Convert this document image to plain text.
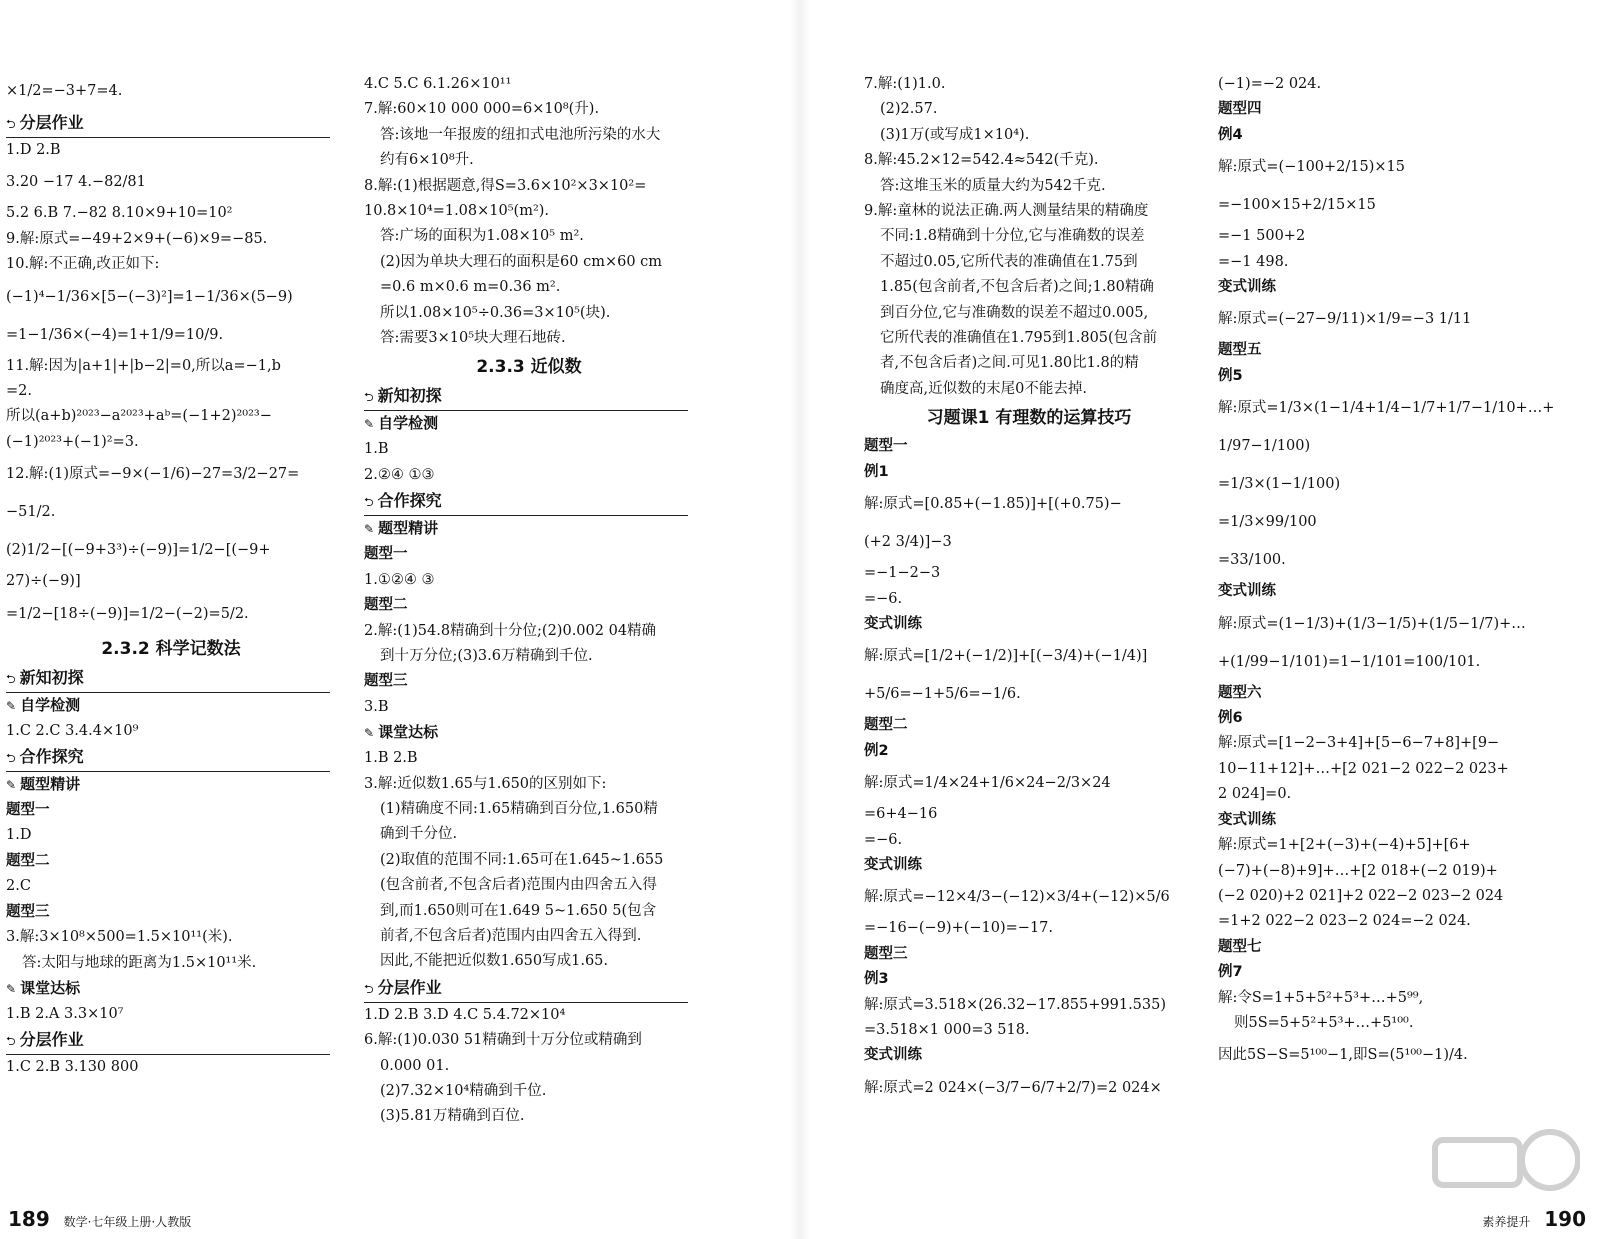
×1/2=−3+7=4.
⮌ 分层作业
1.D 2.B
3.20 −17 4.−82/81
5.2 6.B 7.−82 8.10×9+10=10²
9.解:原式=−49+2×9+(−6)×9=−85.
10.解:不正确,改正如下:
(−1)⁴−1/36×[5−(−3)²]=1−1/36×(5−9)
=1−1/36×(−4)=1+1/9=10/9.
11.解:因为|a+1|+|b−2|=0,所以a=−1,b
=2.
所以(a+b)²⁰²³−a²⁰²³+aᵇ=(−1+2)²⁰²³−
(−1)²⁰²³+(−1)²=3.
12.解:(1)原式=−9×(−1/6)−27=3/2−27=
−51/2.
(2)1/2−[(−9+3³)÷(−9)]=1/2−[(−9+
27)÷(−9)]
=1/2−[18÷(−9)]=1/2−(−2)=5/2.
2.3.2 科学记数法
⮌ 新知初探
✎ 自学检测
1.C 2.C 3.4.4×10⁹
⮌ 合作探究
✎ 题型精讲
题型一
1.D
题型二
2.C
题型三
3.解:3×10⁸×500=1.5×10¹¹(米).
答:太阳与地球的距离为1.5×10¹¹米.
✎ 课堂达标
1.B 2.A 3.3×10⁷
⮌ 分层作业
1.C 2.B 3.130 800
4.C 5.C 6.1.26×10¹¹
7.解:60×10 000 000=6×10⁸(升).
答:该地一年报废的纽扣式电池所污染的水大
约有6×10⁸升.
8.解:(1)根据题意,得S=3.6×10²×3×10²=
10.8×10⁴=1.08×10⁵(m²).
答:广场的面积为1.08×10⁵ m².
(2)因为单块大理石的面积是60 cm×60 cm
=0.6 m×0.6 m=0.36 m².
所以1.08×10⁵÷0.36=3×10⁵(块).
答:需要3×10⁵块大理石地砖.
2.3.3 近似数
⮌ 新知初探
✎ 自学检测
1.B
2.②④ ①③
⮌ 合作探究
✎ 题型精讲
题型一
1.①②④ ③
题型二
2.解:(1)54.8精确到十分位;(2)0.002 04精确
到十万分位;(3)3.6万精确到千位.
题型三
3.B
✎ 课堂达标
1.B 2.B
3.解:近似数1.65与1.650的区别如下:
(1)精确度不同:1.65精确到百分位,1.650精
确到千分位.
(2)取值的范围不同:1.65可在1.645~1.655
(包含前者,不包含后者)范围内由四舍五入得
到,而1.650则可在1.649 5~1.650 5(包含
前者,不包含后者)范围内由四舍五入得到.
因此,不能把近似数1.650写成1.65.
⮌ 分层作业
1.D 2.B 3.D 4.C 5.4.72×10⁴
6.解:(1)0.030 51精确到十万分位或精确到
0.000 01.
(2)7.32×10⁴精确到千位.
(3)5.81万精确到百位.
7.解:(1)1.0.
(2)2.57.
(3)1万(或写成1×10⁴).
8.解:45.2×12=542.4≈542(千克).
答:这堆玉米的质量大约为542千克.
9.解:童林的说法正确.两人测量结果的精确度
不同:1.8精确到十分位,它与准确数的误差
不超过0.05,它所代表的准确值在1.75到
1.85(包含前者,不包含后者)之间;1.80精确
到百分位,它与准确数的误差不超过0.005,
它所代表的准确值在1.795到1.805(包含前
者,不包含后者)之间.可见1.80比1.8的精
确度高,近似数的末尾0不能去掉.
习题课1 有理数的运算技巧
题型一
例1
解:原式=[0.85+(−1.85)]+[(+0.75)−
(+2 3/4)]−3
=−1−2−3
=−6.
变式训练
解:原式=[1/2+(−1/2)]+[(−3/4)+(−1/4)]
+5/6=−1+5/6=−1/6.
题型二
例2
解:原式=1/4×24+1/6×24−2/3×24
=6+4−16
=−6.
变式训练
解:原式=−12×4/3−(−12)×3/4+(−12)×5/6
=−16−(−9)+(−10)=−17.
题型三
例3
解:原式=3.518×(26.32−17.855+991.535)
=3.518×1 000=3 518.
变式训练
解:原式=2 024×(−3/7−6/7+2/7)=2 024×
(−1)=−2 024.
题型四
例4
解:原式=(−100+2/15)×15
=−100×15+2/15×15
=−1 500+2
=−1 498.
变式训练
解:原式=(−27−9/11)×1/9=−3 1/11
题型五
例5
解:原式=1/3×(1−1/4+1/4−1/7+1/7−1/10+…+
1/97−1/100)
=1/3×(1−1/100)
=1/3×99/100
=33/100.
变式训练
解:原式=(1−1/3)+(1/3−1/5)+(1/5−1/7)+…
+(1/99−1/101)=1−1/101=100/101.
题型六
例6
解:原式=[1−2−3+4]+[5−6−7+8]+[9−
10−11+12]+…+[2 021−2 022−2 023+
2 024]=0.
变式训练
解:原式=1+[2+(−3)+(−4)+5]+[6+
(−7)+(−8)+9]+…+[2 018+(−2 019)+
(−2 020)+2 021]+2 022−2 023−2 024
=1+2 022−2 023−2 024=−2 024.
题型七
例7
解:令S=1+5+5²+5³+…+5⁹⁹,
则5S=5+5²+5³+…+5¹⁰⁰.
因此5S−S=5¹⁰⁰−1,即S=(5¹⁰⁰−1)/4.
189 数学·七年级上册·人教版	素养提升 190
